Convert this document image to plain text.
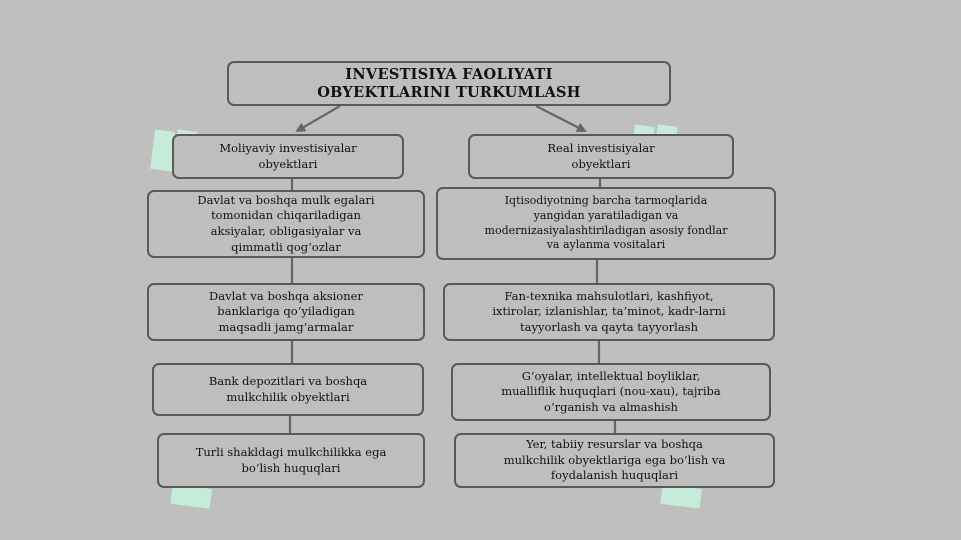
INVESTISIYA FAOLIYATI
OBYEKTLARINI TURKUMLASH
Moliyaviy investisiyalar
obyektlari
Real investisiyalar
obyektlari
Davlat va boshqa mulk egalari
tomonidan chiqariladigan
aksiyalar, obligasiyalar va
qimmatli qog‘ozlar
Davlat va boshqa aksioner
banklariga qo‘yiladigan
maqsadli jamg‘armalar
Bank depozitlari va boshqa
mulkchilik obyektlari
Turli shakldagi mulkchilikka ega
bo‘lish huquqlari
Iqtisodiyotning barcha tarmoqlarida
yangidan yaratiladigan va
modernizasiyalashtiriladigan asosiy fondlar
va aylanma vositalari
Fan-texnika mahsulotlari, kashfiyot,
ixtirolar, izlanishlar, ta’minot, kadr-larni
tayyorlash va qayta tayyorlash
G‘oyalar, intellektual boyliklar,
mualliflik huquqlari (nou-xau), tajriba
o‘rganish va almashish
Yer, tabiiy resurslar va boshqa
mulkchilik obyektlariga ega bo‘lish va
foydalanish huquqlari
